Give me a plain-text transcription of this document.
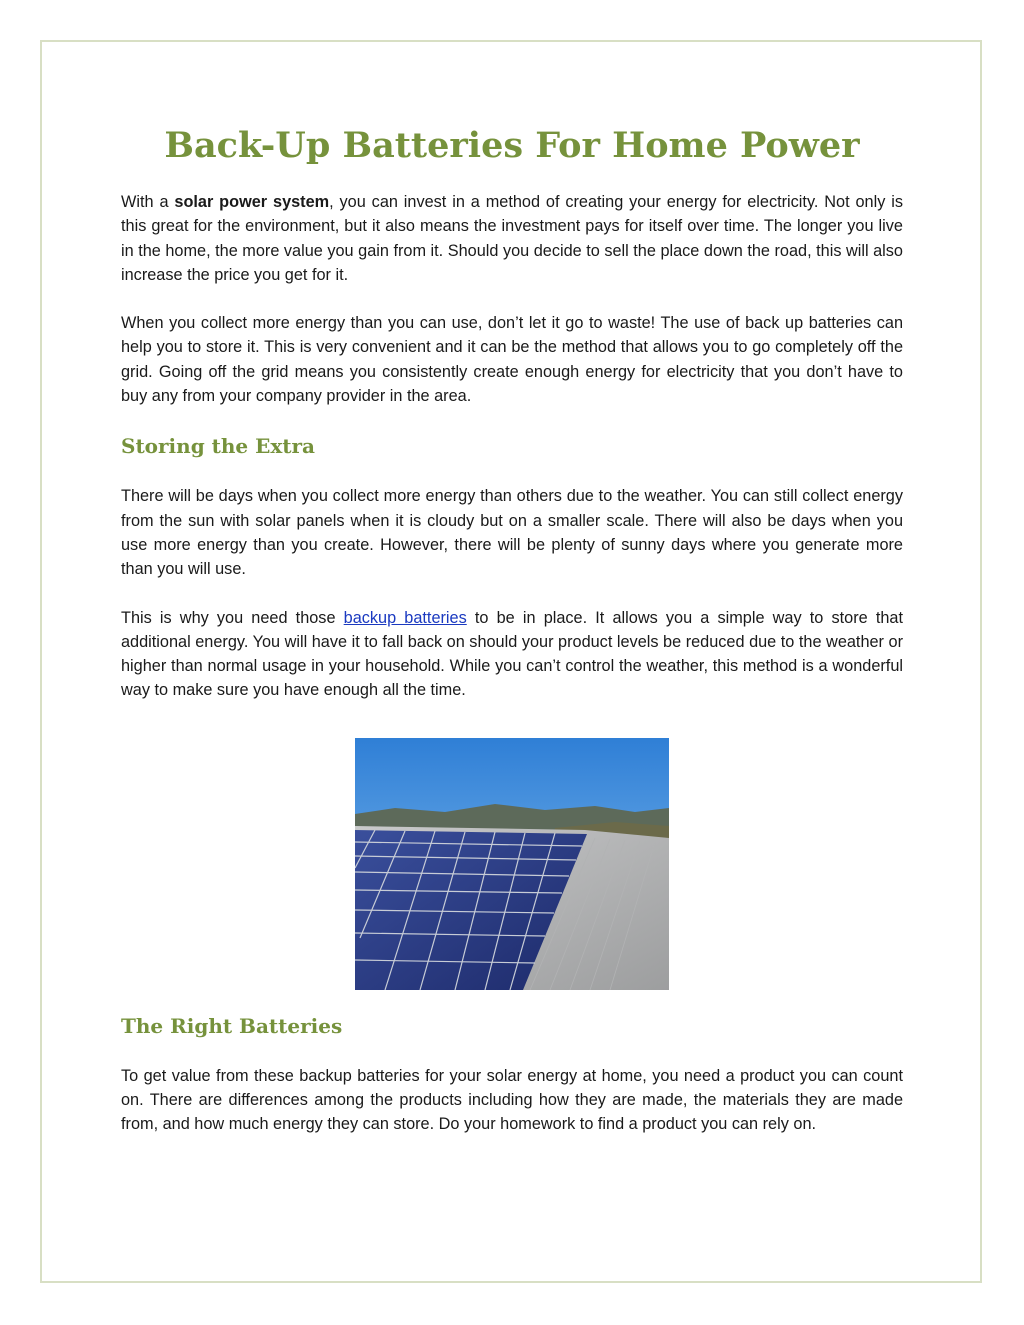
Back-Up Batteries For Home Power

With a solar power system, you can invest in a method of creating your energy for electricity. Not only is this great for the environment, but it also means the investment pays for itself over time. The longer you live in the home, the more value you gain from it. Should you decide to sell the place down the road, this will also increase the price you get for it.

When you collect more energy than you can use, don’t let it go to waste! The use of back up batteries can help you to store it. This is very convenient and it can be the method that allows you to go completely off the grid. Going off the grid means you consistently create enough energy for electricity that you don’t have to buy any from your company provider in the area.

Storing the Extra

There will be days when you collect more energy than others due to the weather. You can still collect energy from the sun with solar panels when it is cloudy but on a smaller scale. There will also be days when you use more energy than you create. However, there will be plenty of sunny days where you generate more than you will use.

This is why you need those backup batteries to be in place. It allows you a simple way to store that additional energy. You will have it to fall back on should your product levels be reduced due to the weather or higher than normal usage in your household. While you can’t control the weather, this method is a wonderful way to make sure you have enough all the time.

The Right Batteries

To get value from these backup batteries for your solar energy at home, you need a product you can count on. There are differences among the products including how they are made, the materials they are made from, and how much energy they can store. Do your homework to find a product you can rely on.
